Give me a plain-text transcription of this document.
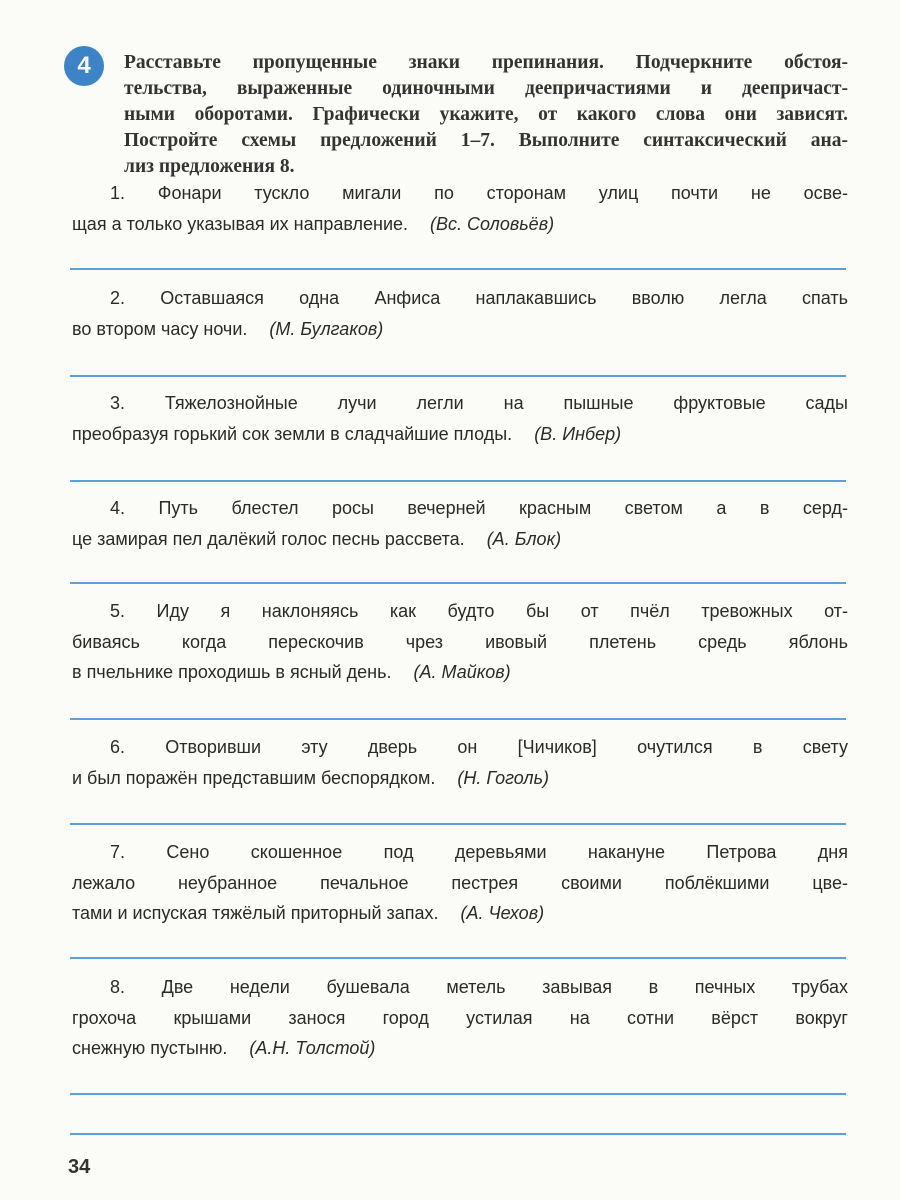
4	Расставьте пропущенные знаки препинания. Подчеркните обстоя-
тельства, выраженные одиночными деепричастиями и деепричаст-
ными оборотами. Графически укажите, от какого слова они зависят.
Постройте схемы предложений 1–7. Выполните синтаксический ана-
лиз предложения 8.
1. Фонари тускло мигали по сторонам улиц почти не осве-
щая а только указывая их направление. (Вс. Соловьёв)
2. Оставшаяся одна Анфиса наплакавшись вволю легла спать
во втором часу ночи. (М. Булгаков)
3. Тяжелознойные лучи легли на пышные фруктовые сады
преобразуя горький сок земли в сладчайшие плоды. (В. Инбер)
4. Путь блестел росы вечерней красным светом а в серд-
це замирая пел далёкий голос песнь рассвета. (А. Блок)
5. Иду я наклоняясь как будто бы от пчёл тревожных от-
биваясь когда перескочив чрез ивовый плетень средь яблонь
в пчельнике проходишь в ясный день. (А. Майков)
6. Отворивши эту дверь он [Чичиков] очутился в свету
и был поражён представшим беспорядком. (Н. Гоголь)
7. Сено скошенное под деревьями накануне Петрова дня
лежало неубранное печальное пестрея своими поблёкшими цве-
тами и испуская тяжёлый приторный запах. (А. Чехов)
8. Две недели бушевала метель завывая в печных трубах
грохоча крышами занося город устилая на сотни вёрст вокруг
снежную пустыню. (А.Н. Толстой)
34
